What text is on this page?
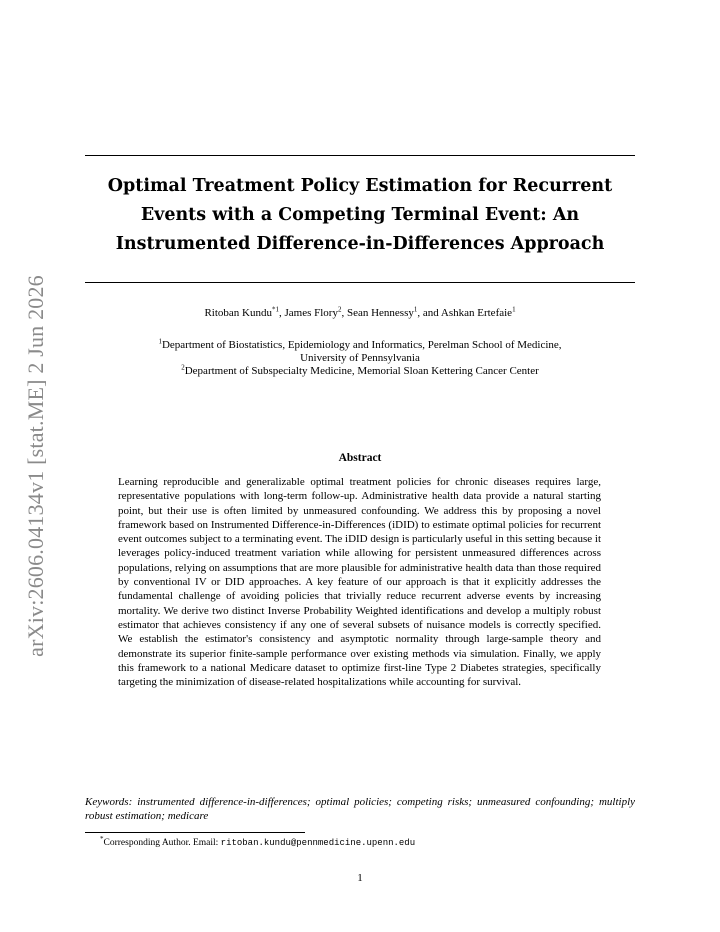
arXiv:2606.04134v1 [stat.ME] 2 Jun 2026
Optimal Treatment Policy Estimation for Recurrent
Events with a Competing Terminal Event: An
Instrumented Difference-in-Differences Approach
Ritoban Kundu$^{*1}$, James Flory$^2$, Sean Hennessy$^1$, and Ashkan Ertefaie$^1$
$^1$Department of Biostatistics, Epidemiology and Informatics, Perelman School of Medicine,
University of Pennsylvania
$^2$Department of Subspecialty Medicine, Memorial Sloan Kettering Cancer Center
Abstract

Learning reproducible and generalizable optimal treatment policies for chronic diseases requires large, representative populations with long-term follow-up. Administrative health data provide a natural starting point, but their use is often limited by unmeasured confounding. We address this by proposing a novel framework based on Instrumented Difference-in-Differences (iDID) to estimate optimal policies for recurrent event outcomes subject to a terminating event. The iDID design is particularly useful in this setting because it leverages policy-induced treatment variation while allowing for persistent unmeasured differences across populations, relying on assumptions that are more plausible for administrative health data than those required by conventional IV or DID approaches. A key feature of our approach is that it explicitly addresses the fundamental challenge of avoiding policies that trivially reduce recurrent adverse events by increasing mortality. We derive two distinct Inverse Probability Weighted identifications and develop a multiply robust estimator that achieves consistency if any one of several subsets of nuisance models is correctly specified. We establish the estimator's consistency and asymptotic normality through large-sample theory and demonstrate its superior finite-sample performance over existing methods via simulation. Finally, we apply this framework to a national Medicare dataset to optimize first-line Type 2 Diabetes strategies, specifically targeting the minimization of disease-related hospitalizations while accounting for survival.

Keywords: instrumented difference-in-differences; optimal policies; competing risks; unmeasured confounding; multiply robust estimation; medicare

*Corresponding Author. Email: ritoban.kundu@pennmedicine.upenn.edu
1
